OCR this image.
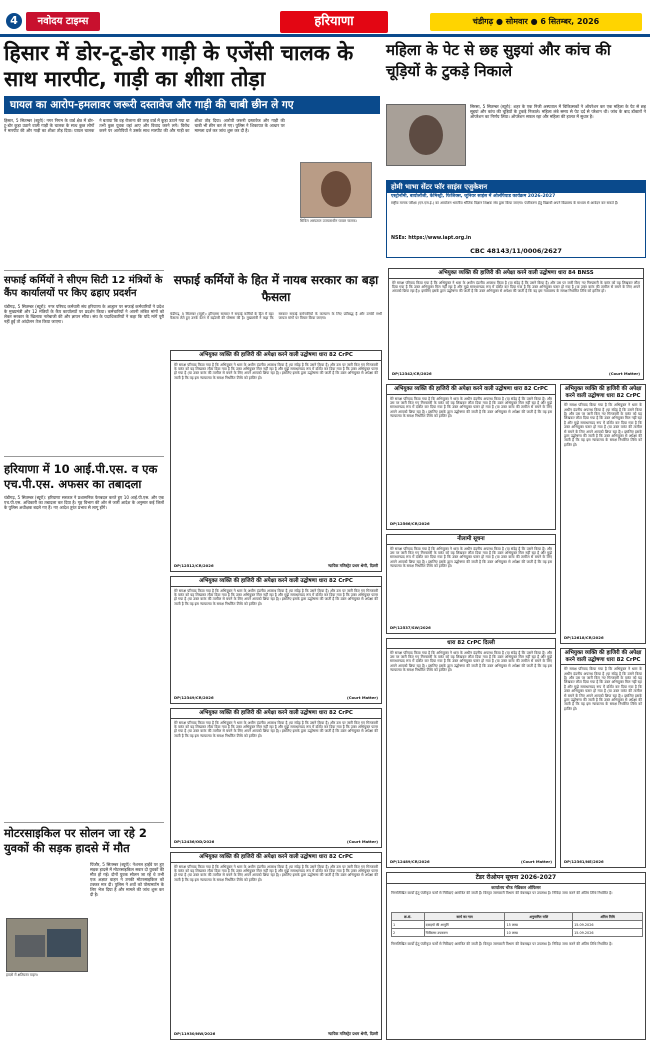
4	नवोदय टाइम्स	हरियाणा	चंडीगढ़ ● सोमवार ● 6 सितम्बर, 2026
हिसार में डोर-टू-डोर गाड़ी के एजेंसी चालक के साथ मारपीट, गाड़ी का शीशा तोड़ा
घायल का आरोप-हमलावर जरूरी दस्तावेज और गाड़ी की चाबी छीन ले गए
हिसार, 5 सितम्बर (ब्यूरो): नगर निगम के वार्ड क्षेत्र में डोर-टू-डोर कूड़ा उठाने वाली गाड़ी के चालक के साथ कुछ लोगों ने मारपीट की और गाड़ी का शीशा तोड़ दिया। घायल चालक ने बताया कि वह रोजाना की तरह वार्ड में कूड़ा उठाने गया था तभी कुछ युवक वहां आए और विवाद करने लगे। विरोध करने पर आरोपियों ने उसके साथ मारपीट की और गाड़ी का शीशा तोड़ दिया। आरोपी जरूरी दस्तावेज और गाड़ी की चाबी भी छीन कर ले गए। पुलिस ने शिकायत के आधार पर मामला दर्ज कर जांच शुरू कर दी है।
सिविल अस्पताल उपचाराधीन घायल चालक।
महिला के पेट से छह सुइयां और कांच की चूड़ियों के टुकड़े निकाले
सिरसा, 5 सितम्बर (ब्यूरो): शहर के एक निजी अस्पताल में चिकित्सकों ने ऑपरेशन कर एक महिला के पेट से छह सुइयां और कांच की चूड़ियों के टुकड़े निकाले। महिला लंबे समय से पेट दर्द से परेशान थी। जांच के बाद डॉक्टरों ने ऑपरेशन का निर्णय लिया। ऑपरेशन सफल रहा और महिला की हालत में सुधार है।
होमी भाभा सेंटर फॉर साइंस एजुकेशन
एस्ट्रोनॉमी, बायोलॉजी, केमिस्ट्री, फिजिक्स, जूनियर साइंस में ओलंपियाड कार्यक्रम 2026-2027
राष्ट्रीय मानक परीक्षा (एन.एस.ई.) का आयोजन भारतीय भौतिक विज्ञान शिक्षक संघ द्वारा किया जाएगा। पंजीकरण हेतु विद्यार्थी अपने विद्यालय के माध्यम से आवेदन कर सकते हैं।
NSEs: https://www.iapt.org.in
CBC 48143/11/0006/2627
सफाई कर्मियों ने सीएम सिटी 12 मंत्रियों के कैंप कार्यालयों पर किए ढहाए प्रदर्शन
चंडीगढ़, 5 सितम्बर (ब्यूरो): नगर परिषद कर्मचारी संघ हरियाणा के आह्वान पर सफाई कर्मचारियों ने प्रदेश के मुख्यमंत्री और 12 मंत्रियों के कैंप कार्यालयों पर प्रदर्शन किया। कर्मचारियों ने अपनी लंबित मांगों को लेकर सरकार के खिलाफ नारेबाजी की और ज्ञापन सौंपा। संघ के पदाधिकारियों ने कहा कि यदि मांगें पूरी नहीं हुईं तो आंदोलन तेज किया जाएगा।
हरियाणा में 10 आई.पी.एस. व एक एच.पी.एस. अफसर का तबादला
चंडीगढ़, 5 सितम्बर (ब्यूरो): हरियाणा सरकार ने प्रशासनिक फेरबदल करते हुए 10 आई.पी.एस. और एक एच.पी.एस. अधिकारी का तबादला कर दिया है। गृह विभाग की ओर से जारी आदेश के अनुसार कई जिलों के पुलिस अधीक्षक बदले गए हैं। नए आदेश तुरंत प्रभाव से लागू होंगे।
मोटरसाइकिल पर सोलन जा रहे 2 युवकों की सड़क हादसे में मौत
पिंजौर, 5 सितम्बर (ब्यूरो): नेशनल हाईवे पर हुए सड़क हादसे में मोटरसाइकिल सवार दो युवकों की मौत हो गई। दोनों युवक सोलन जा रहे थे तभी एक अज्ञात वाहन ने उनकी मोटरसाइकिल को टक्कर मार दी। पुलिस ने शवों को पोस्टमार्टम के लिए भेज दिया है और मामले की जांच शुरू कर दी है।
हादसे में क्षतिग्रस्त वाहन।
सफाई कर्मियों के हित में नायब सरकार का बड़ा फैसला
चंडीगढ़, 5 सितम्बर (ब्यूरो): हरियाणा सरकार ने सफाई कर्मियों के हित में बड़ा फैसला लेते हुए उनके वेतन में बढ़ोतरी की घोषणा की है। मुख्यमंत्री ने कहा कि सरकार सफाई कर्मचारियों के कल्याण के लिए प्रतिबद्ध है और उनकी सभी जायज मांगों पर विचार किया जाएगा।
अभियुक्त व्यक्ति की हाजिरी की अपेक्षा करने वाली उद्घोषणा धारा 84 BNSS
मेरे समक्ष परिवाद किया गया है कि अभियुक्त ने धारा के अधीन दंडनीय अपराध किया है (या संदेह है कि उसने किया है) और उस पर जारी किए गए गिरफ्तारी के वारंट को यह लिखकर लौटा दिया गया है कि उक्त अभियुक्त मिल नहीं रहा है और मुझे समाधानप्रद रूप में दर्शित कर दिया गया है कि उक्त अभियुक्त फरार हो गया है (या उक्त वारंट की तामील से बचने के लिए अपने आपको छिपा रहा है)। इसलिए इसके द्वारा उद्घोषणा की जाती है कि उक्त अभियुक्त से अपेक्षा की जाती है कि वह इस न्यायालय के समक्ष निर्धारित तिथि को हाजिर हो।
DP/12342/CR/2026	(Court Matter)
अभियुक्त व्यक्ति की हाजिरी की अपेक्षा करने वाली उद्घोषणा धारा 82 CrPC
मेरे समक्ष परिवाद किया गया है कि अभियुक्त ने धारा के अधीन दंडनीय अपराध किया है (या संदेह है कि उसने किया है) और उस पर जारी किए गए गिरफ्तारी के वारंट को यह लिखकर लौटा दिया गया है कि उक्त अभियुक्त मिल नहीं रहा है और मुझे समाधानप्रद रूप में दर्शित कर दिया गया है कि उक्त अभियुक्त फरार हो गया है (या उक्त वारंट की तामील से बचने के लिए अपने आपको छिपा रहा है)। इसलिए इसके द्वारा उद्घोषणा की जाती है कि उक्त अभियुक्त से अपेक्षा की जाती है कि वह इस न्यायालय के समक्ष निर्धारित तिथि को हाजिर हो।
DP/12618/CR/2026
अभियुक्त व्यक्ति की हाजिरी की अपेक्षा करने वाली उद्घोषणा धारा 82 CrPC
मेरे समक्ष परिवाद किया गया है कि अभियुक्त ने धारा के अधीन दंडनीय अपराध किया है (या संदेह है कि उसने किया है) और उस पर जारी किए गए गिरफ्तारी के वारंट को यह लिखकर लौटा दिया गया है कि उक्त अभियुक्त मिल नहीं रहा है और मुझे समाधानप्रद रूप में दर्शित कर दिया गया है कि उक्त अभियुक्त फरार हो गया है (या उक्त वारंट की तामील से बचने के लिए अपने आपको छिपा रहा है)। इसलिए इसके द्वारा उद्घोषणा की जाती है कि उक्त अभियुक्त से अपेक्षा की जाती है कि वह इस न्यायालय के समक्ष निर्धारित तिथि को हाजिर हो।
DP/12512/CR/2026	न्यायिक मजिस्ट्रेट प्रथम श्रेणी, दिल्ली
अभियुक्त व्यक्ति की हाजिरी की अपेक्षा करने वाली उद्घोषणा धारा 82 CrPC
मेरे समक्ष परिवाद किया गया है कि अभियुक्त ने धारा के अधीन दंडनीय अपराध किया है (या संदेह है कि उसने किया है) और उस पर जारी किए गए गिरफ्तारी के वारंट को यह लिखकर लौटा दिया गया है कि उक्त अभियुक्त मिल नहीं रहा है और मुझे समाधानप्रद रूप में दर्शित कर दिया गया है कि उक्त अभियुक्त फरार हो गया है (या उक्त वारंट की तामील से बचने के लिए अपने आपको छिपा रहा है)। इसलिए इसके द्वारा उद्घोषणा की जाती है कि उक्त अभियुक्त से अपेक्षा की जाती है कि वह इस न्यायालय के समक्ष निर्धारित तिथि को हाजिर हो।
DP/12349/CR/2026	(Court Matter)
अभियुक्त व्यक्ति की हाजिरी की अपेक्षा करने वाली उद्घोषणा धारा 82 CrPC
मेरे समक्ष परिवाद किया गया है कि अभियुक्त ने धारा के अधीन दंडनीय अपराध किया है (या संदेह है कि उसने किया है) और उस पर जारी किए गए गिरफ्तारी के वारंट को यह लिखकर लौटा दिया गया है कि उक्त अभियुक्त मिल नहीं रहा है और मुझे समाधानप्रद रूप में दर्शित कर दिया गया है कि उक्त अभियुक्त फरार हो गया है (या उक्त वारंट की तामील से बचने के लिए अपने आपको छिपा रहा है)। इसलिए इसके द्वारा उद्घोषणा की जाती है कि उक्त अभियुक्त से अपेक्षा की जाती है कि वह इस न्यायालय के समक्ष निर्धारित तिथि को हाजिर हो।
DP/12566/CR/2026
नीलामी सूचना
मेरे समक्ष परिवाद किया गया है कि अभियुक्त ने धारा के अधीन दंडनीय अपराध किया है (या संदेह है कि उसने किया है) और उस पर जारी किए गए गिरफ्तारी के वारंट को यह लिखकर लौटा दिया गया है कि उक्त अभियुक्त मिल नहीं रहा है और मुझे समाधानप्रद रूप में दर्शित कर दिया गया है कि उक्त अभियुक्त फरार हो गया है (या उक्त वारंट की तामील से बचने के लिए अपने आपको छिपा रहा है)। इसलिए इसके द्वारा उद्घोषणा की जाती है कि उक्त अभियुक्त से अपेक्षा की जाती है कि वह इस न्यायालय के समक्ष निर्धारित तिथि को हाजिर हो।
DP/12537/SW/2026
अभियुक्त व्यक्ति की हाजिरी की अपेक्षा करने वाली उद्घोषणा धारा 82 CrPC
मेरे समक्ष परिवाद किया गया है कि अभियुक्त ने धारा के अधीन दंडनीय अपराध किया है (या संदेह है कि उसने किया है) और उस पर जारी किए गए गिरफ्तारी के वारंट को यह लिखकर लौटा दिया गया है कि उक्त अभियुक्त मिल नहीं रहा है और मुझे समाधानप्रद रूप में दर्शित कर दिया गया है कि उक्त अभियुक्त फरार हो गया है (या उक्त वारंट की तामील से बचने के लिए अपने आपको छिपा रहा है)। इसलिए इसके द्वारा उद्घोषणा की जाती है कि उक्त अभियुक्त से अपेक्षा की जाती है कि वह इस न्यायालय के समक्ष निर्धारित तिथि को हाजिर हो।
DP/12361/NE/2026
धारा 82 CrPC दिल्ली
मेरे समक्ष परिवाद किया गया है कि अभियुक्त ने धारा के अधीन दंडनीय अपराध किया है (या संदेह है कि उसने किया है) और उस पर जारी किए गए गिरफ्तारी के वारंट को यह लिखकर लौटा दिया गया है कि उक्त अभियुक्त मिल नहीं रहा है और मुझे समाधानप्रद रूप में दर्शित कर दिया गया है कि उक्त अभियुक्त फरार हो गया है (या उक्त वारंट की तामील से बचने के लिए अपने आपको छिपा रहा है)। इसलिए इसके द्वारा उद्घोषणा की जाती है कि उक्त अभियुक्त से अपेक्षा की जाती है कि वह इस न्यायालय के समक्ष निर्धारित तिथि को हाजिर हो।
DP/12489/CR/2026	(Court Matter)
अभियुक्त व्यक्ति की हाजिरी की अपेक्षा करने वाली उद्घोषणा धारा 82 CrPC
मेरे समक्ष परिवाद किया गया है कि अभियुक्त ने धारा के अधीन दंडनीय अपराध किया है (या संदेह है कि उसने किया है) और उस पर जारी किए गए गिरफ्तारी के वारंट को यह लिखकर लौटा दिया गया है कि उक्त अभियुक्त मिल नहीं रहा है और मुझे समाधानप्रद रूप में दर्शित कर दिया गया है कि उक्त अभियुक्त फरार हो गया है (या उक्त वारंट की तामील से बचने के लिए अपने आपको छिपा रहा है)। इसलिए इसके द्वारा उद्घोषणा की जाती है कि उक्त अभियुक्त से अपेक्षा की जाती है कि वह इस न्यायालय के समक्ष निर्धारित तिथि को हाजिर हो।
DP/12436/OD/2026	(Court Matter)
अभियुक्त व्यक्ति की हाजिरी की अपेक्षा करने वाली उद्घोषणा धारा 82 CrPC
मेरे समक्ष परिवाद किया गया है कि अभियुक्त ने धारा के अधीन दंडनीय अपराध किया है (या संदेह है कि उसने किया है) और उस पर जारी किए गए गिरफ्तारी के वारंट को यह लिखकर लौटा दिया गया है कि उक्त अभियुक्त मिल नहीं रहा है और मुझे समाधानप्रद रूप में दर्शित कर दिया गया है कि उक्त अभियुक्त फरार हो गया है (या उक्त वारंट की तामील से बचने के लिए अपने आपको छिपा रहा है)। इसलिए इसके द्वारा उद्घोषणा की जाती है कि उक्त अभियुक्त से अपेक्षा की जाती है कि वह इस न्यायालय के समक्ष निर्धारित तिथि को हाजिर हो।
DP/11930/NW/2026	न्यायिक मजिस्ट्रेट प्रथम श्रेणी, दिल्ली
टेंडर रीओपन सूचना 2026-2027
कार्यालय चीफ मेडिकल ऑफिसर
निम्नलिखित कार्यों हेतु पंजीकृत फर्मों से निविदाएं आमंत्रित की जाती हैं। विस्तृत जानकारी विभाग की वेबसाइट पर उपलब्ध है। निविदा जमा करने की अंतिम तिथि निर्धारित है।
क्र.सं.	कार्य का नाम	अनुमानित राशि	अंतिम तिथि
1	दवाइयों की आपूर्ति	15 लाख	15.09.2026
2	चिकित्सा उपकरण	10 लाख	15.09.2026
निम्नलिखित कार्यों हेतु पंजीकृत फर्मों से निविदाएं आमंत्रित की जाती हैं। विस्तृत जानकारी विभाग की वेबसाइट पर उपलब्ध है। निविदा जमा करने की अंतिम तिथि निर्धारित है।
